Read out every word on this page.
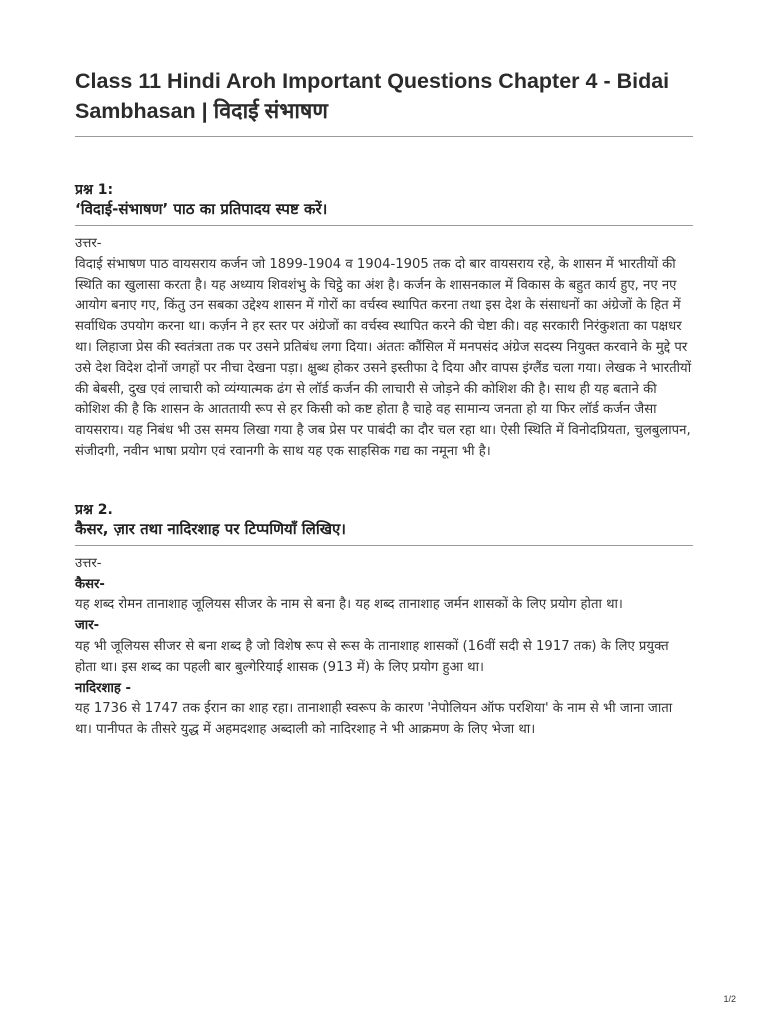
Class 11 Hindi Aroh Important Questions Chapter 4 - Bidai Sambhasan | विदाई संभाषण
प्रश्न 1:
‘विदाई-संभाषण’ पाठ का प्रतिपादय स्पष्ट करें।

उत्तर-

विदाई संभाषण पाठ वायसराय कर्जन जो 1899-1904 व 1904-1905 तक दो बार वायसराय रहे, के शासन में भारतीयों की स्थिति का खुलासा करता है। यह अध्याय शिवशंभु के चिट्ठे का अंश है। कर्जन के शासनकाल में विकास के बहुत कार्य हुए, नए नए आयोग बनाए गए, किंतु उन सबका उद्देश्य शासन में गोरों का वर्चस्व स्थापित करना तथा इस देश के संसाधनों का अंग्रेजों के हित में सर्वाधिक उपयोग करना था। कर्ज़न ने हर स्तर पर अंग्रेजों का वर्चस्व स्थापित करने की चेष्टा की। वह सरकारी निरंकुशता का पक्षधर था। लिहाजा प्रेस की स्वतंत्रता तक पर उसने प्रतिबंध लगा दिया। अंततः कौंसिल में मनपसंद अंग्रेज सदस्य नियुक्त करवाने के मुद्दे पर उसे देश विदेश दोनों जगहों पर नीचा देखना पड़ा। क्षुब्ध होकर उसने इस्तीफा दे दिया और वापस इंग्लैंड चला गया। लेखक ने भारतीयों की बेबसी, दुख एवं लाचारी को व्यंग्यात्मक ढंग से लॉर्ड कर्जन की लाचारी से जोड़ने की कोशिश की है। साथ ही यह बताने की कोशिश की है कि शासन के आततायी रूप से हर किसी को कष्ट होता है चाहे वह सामान्य जनता हो या फिर लॉर्ड कर्जन जैसा वायसराय। यह निबंध भी उस समय लिखा गया है जब प्रेस पर पाबंदी का दौर चल रहा था। ऐसी स्थिति में विनोदप्रियता, चुलबुलापन, संजीदगी, नवीन भाषा प्रयोग एवं रवानगी के साथ यह एक साहसिक गद्य का नमूना भी है।

प्रश्न 2.
कैसर, ज़ार तथा नादिरशाह पर टिप्पणियाँ लिखिए।

उत्तर-

कैसर-

यह शब्द रोमन तानाशाह जूलियस सीजर के नाम से बना है। यह शब्द तानाशाह जर्मन शासकों के लिए प्रयोग होता था।

जार-

यह भी जूलियस सीजर से बना शब्द है जो विशेष रूप से रूस के तानाशाह शासकों (16वीं सदी से 1917 तक) के लिए प्रयुक्त होता था। इस शब्द का पहली बार बुल्गेरियाई शासक (913 में) के लिए प्रयोग हुआ था।

नादिरशाह -

यह 1736 से 1747 तक ईरान का शाह रहा। तानाशाही स्वरूप के कारण 'नेपोलियन ऑफ परशिया' के नाम से भी जाना जाता था। पानीपत के तीसरे युद्ध में अहमदशाह अब्दाली को नादिरशाह ने भी आक्रमण के लिए भेजा था।

1/2
